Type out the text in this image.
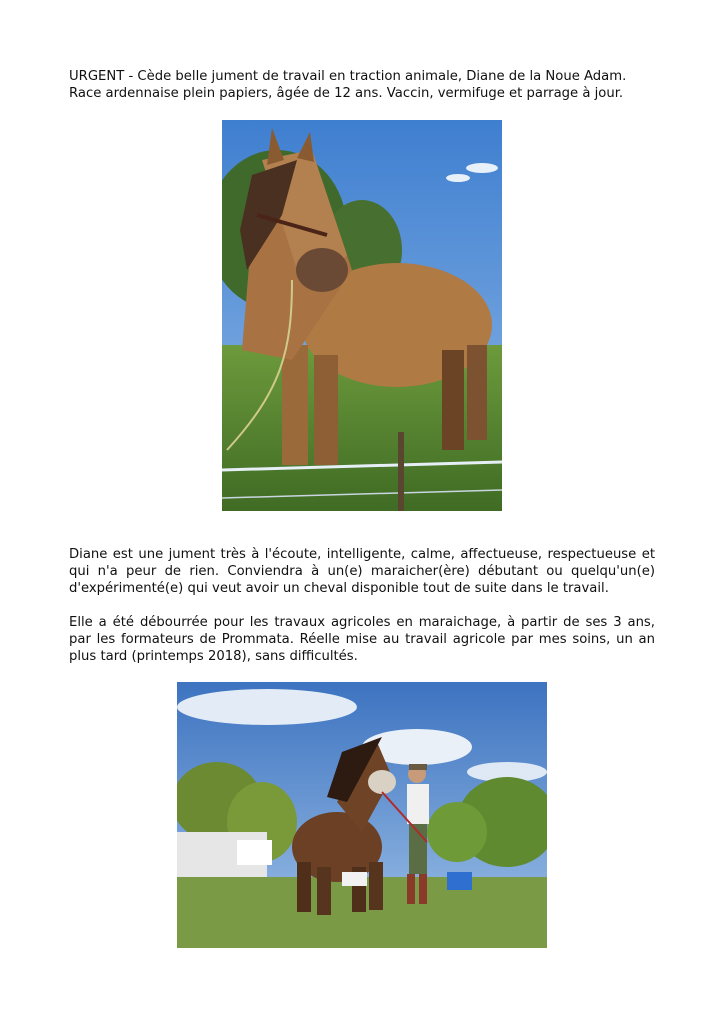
URGENT - Cède belle jument de travail en traction animale, Diane de la Noue Adam.
Race ardennaise plein papiers, âgée de 12 ans. Vaccin, vermifuge et parrage à jour.

Diane est une jument très à l'écoute, intelligente, calme, affectueuse, respectueuse et qui n'a peur de rien. Conviendra à un(e) maraicher(ère) débutant ou quelqu'un(e) d'expérimenté(e) qui veut avoir un cheval disponible tout de suite dans le travail.

Elle a été débourrée pour les travaux agricoles en maraichage, à partir de ses 3 ans, par les formateurs de Prommata. Réelle mise au travail agricole par mes soins, un an plus tard (printemps 2018), sans difficultés.
